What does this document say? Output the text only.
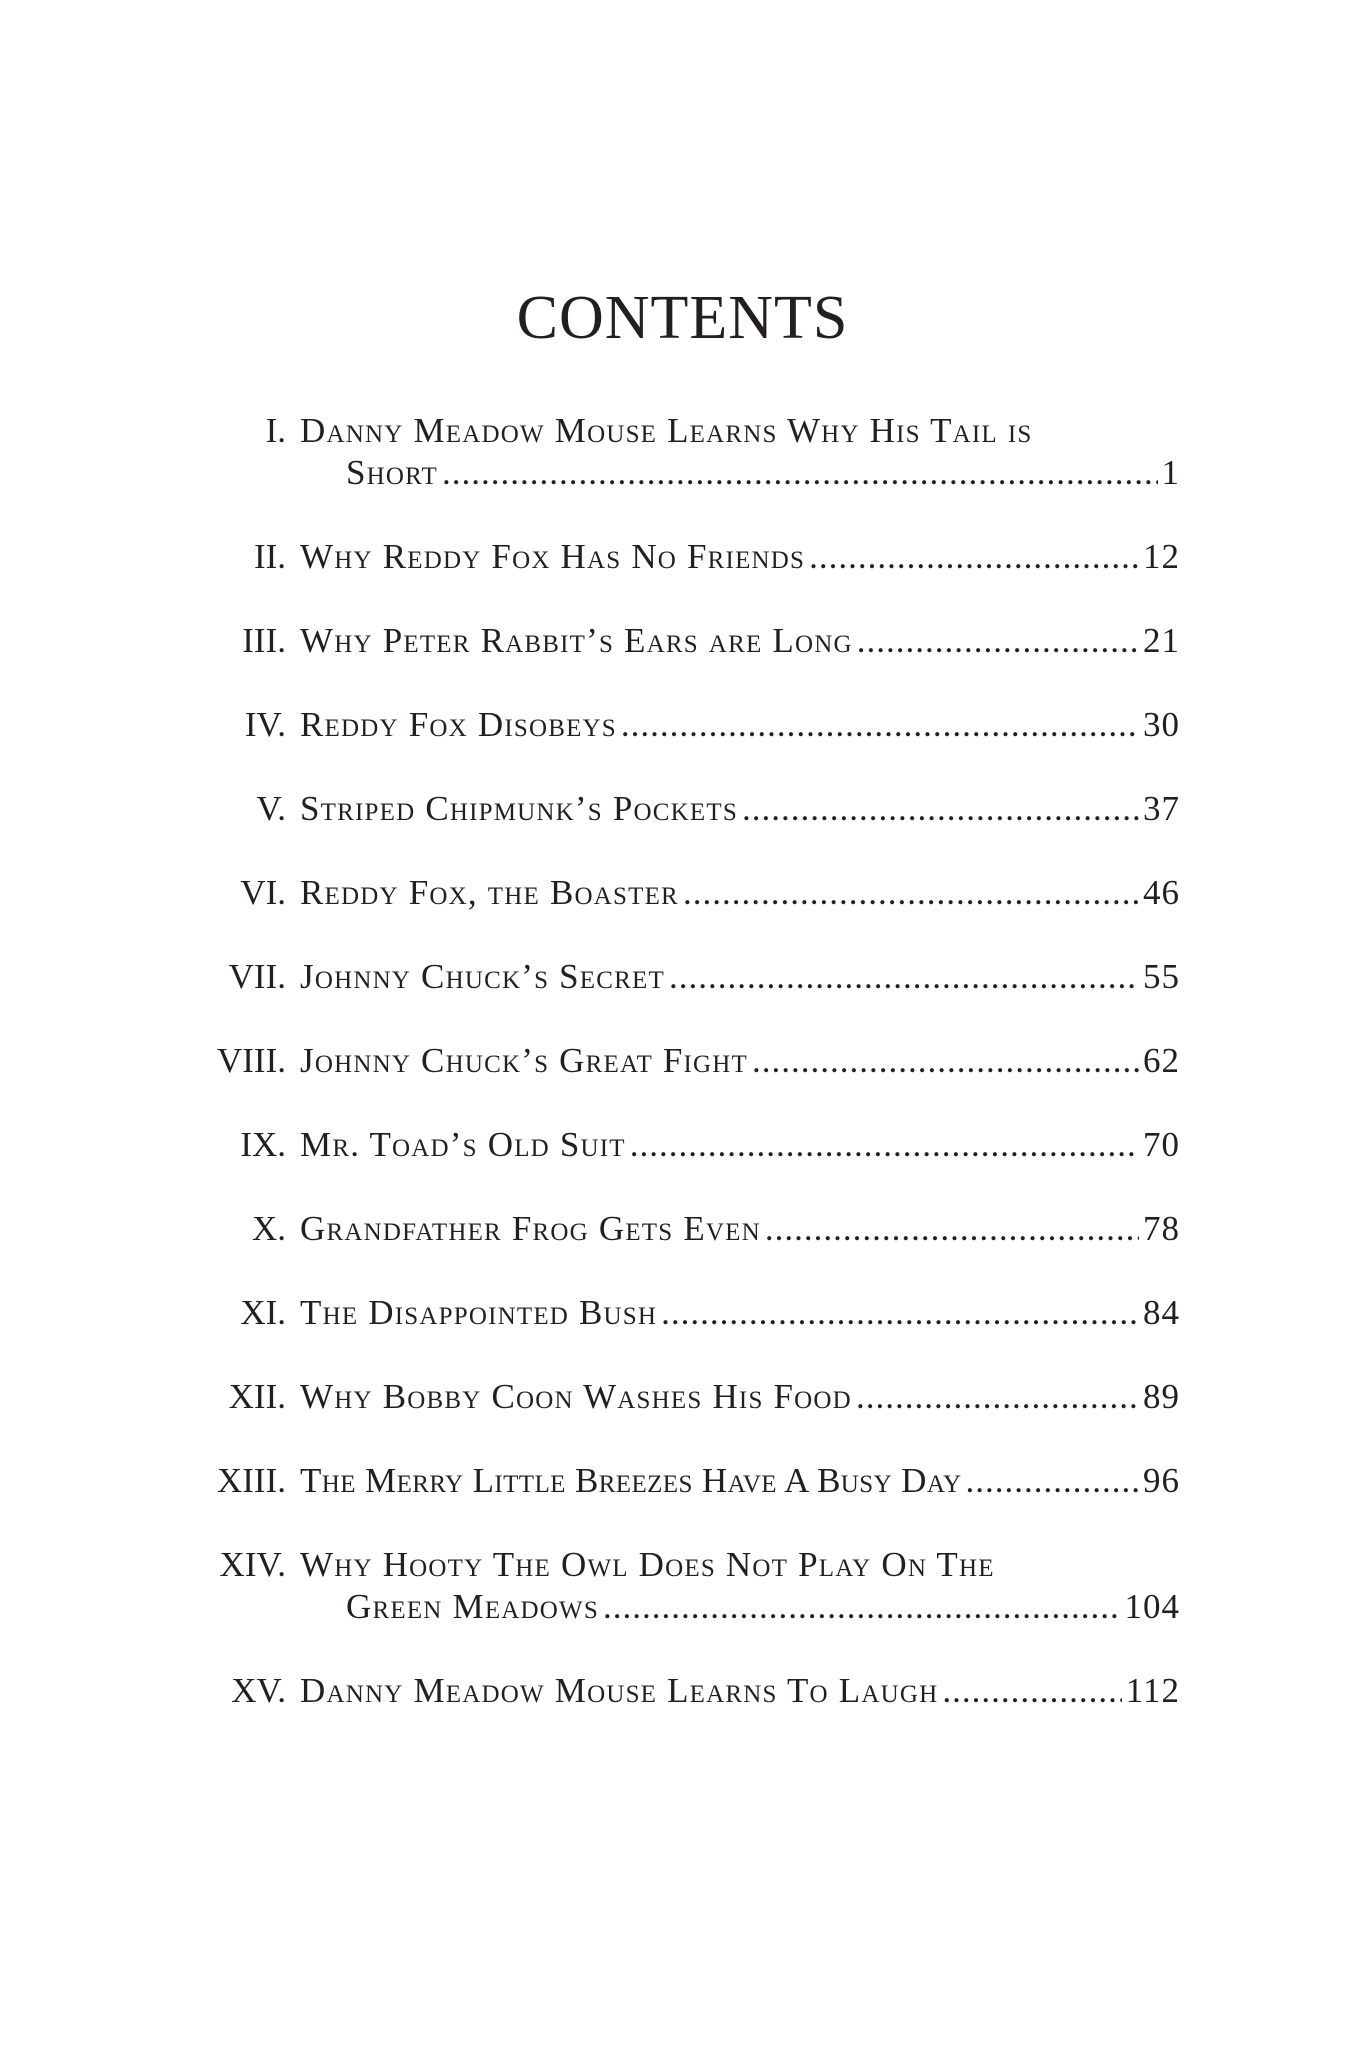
CONTENTS
I. Danny Meadow Mouse Learns Why His Tail is
Short .....	1
II. Why Reddy Fox Has No Friends .....	12
III. Why Peter Rabbit’s Ears are Long .....	21
IV. Reddy Fox Disobeys .....	30
V. Striped Chipmunk’s Pockets .....	37
VI. Reddy Fox, the Boaster .....	46
VII. Johnny Chuck’s Secret .....	55
VIII. Johnny Chuck’s Great Fight .....	62
IX. Mr. Toad’s Old Suit .....	70
X. Grandfather Frog Gets Even .....	78
XI. The Disappointed Bush .....	84
XII. Why Bobby Coon Washes His Food .....	89
XIII. The Merry Little Breezes Have A Busy Day .....	96
XIV. Why Hooty The Owl Does Not Play On The
Green Meadows .....	104
XV. Danny Meadow Mouse Learns To Laugh .....	112
